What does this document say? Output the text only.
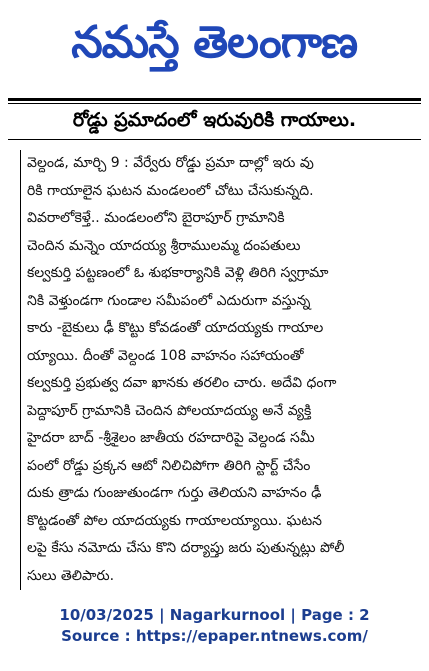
నమస్తే తెలంగాణ
రోడ్డు ప్రమాదంలో ఇరువురికి గాయాలు.
వెల్దండ, మార్చి 9 : వేర్వేరు రోడ్డు ప్రమా దాల్లో ఇరు వు
రికి గాయాలైన ఘటన మండలంలో చోటు చేసుకున్నది.
వివరాలోకెళ్తే.. మండలంలోని బైరాపూర్ గ్రామానికి
చెందిన మన్నెం యాదయ్య శ్రీరాములమ్మ దంపతులు
కల్వకుర్తి పట్టణంలో ఓ శుభకార్యానికి వెళ్లి తిరిగి స్వగ్రామా
నికి వెళ్తుండగా గుండాల సమీపంలో ఎదురుగా వస్తున్న
కారు -బైకులు ఢీ కొట్టు కోవడంతో యాదయ్యకు గాయాల
య్యాయి. దీంతో వెల్దండ 108 వాహనం సహాయంతో
కల్వకుర్తి ప్రభుత్వ దవా ఖానకు తరలిం చారు. అదేవి ధంగా
పెద్దాపూర్ గ్రామానికి చెందిన పోలయాదయ్య అనే వ్యక్తి
హైదరా బాద్ -శ్రీశైలం జాతీయ రహదారిపై వెల్దండ సమీ
పంలో రోడ్డు ప్రక్కన ఆటో నిలిచిపోగా తిరిగి స్టార్ట్ చేసేం
దుకు త్రాడు గుంజుతుండగా గుర్తు తెలియని వాహనం ఢీ
కొట్టడంతో పోల యాదయ్యకు గాయాలయ్యాయి. ఘటన
లపై కేసు నమోదు చేసు కొని దర్యాప్తు జరు పుతున్నట్లు పోలీ
సులు తెలిపారు.
10/03/2025 | Nagarkurnool | Page : 2
Source : https://epaper.ntnews.com/
